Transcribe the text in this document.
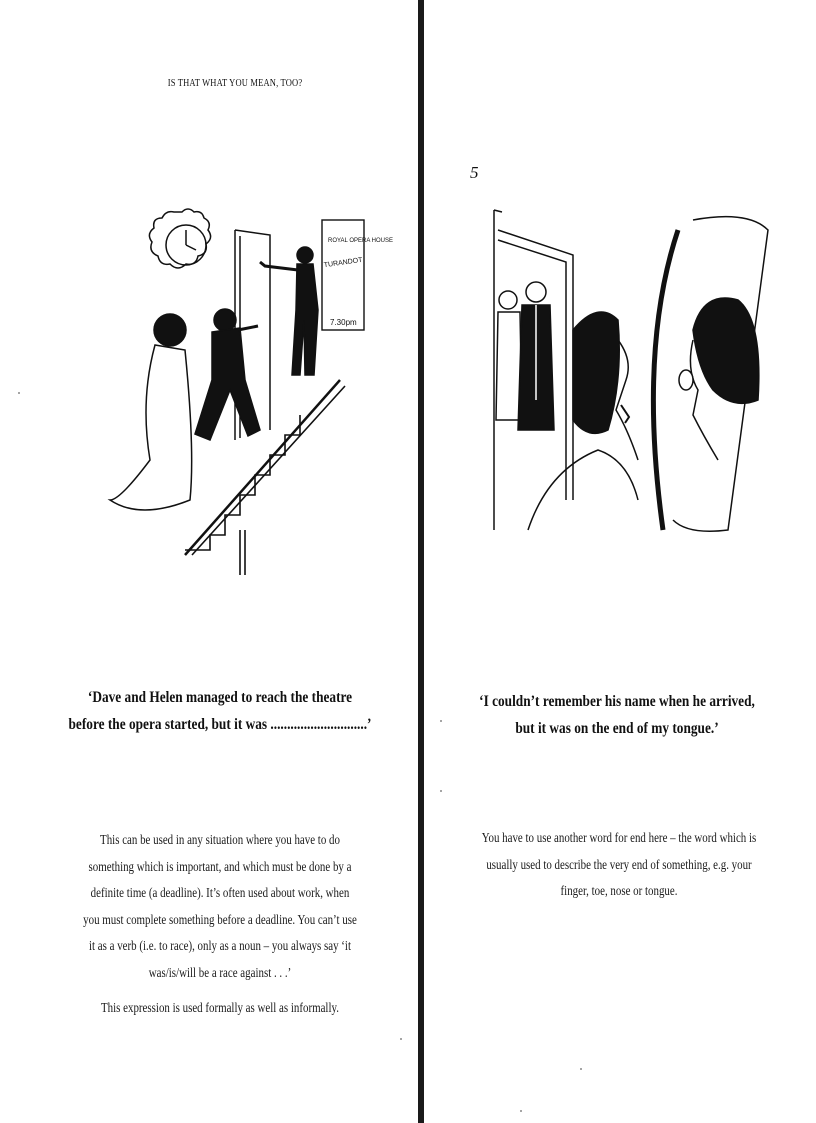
IS THAT WHAT YOU MEAN, TOO?
ROYAL OPERA HOUSE
TURANDOT
7.30pm
‘Dave and Helen managed to reach the theatre
before the opera started, but it was .............................’
This can be used in any situation where you have to do
something which is important, and which must be done by a
definite time (a deadline). It’s often used about work, when
you must complete something before a deadline. You can’t use
it as a verb (i.e. to race), only as a noun – you always say ‘it
was/is/will be a race against . . .’
This expression is used formally as well as informally.
5
‘I couldn’t remember his name when he arrived,
but it was on the end of my tongue.’
You have to use another word for end here – the word which is
usually used to describe the very end of something, e.g. your
finger, toe, nose or tongue.
